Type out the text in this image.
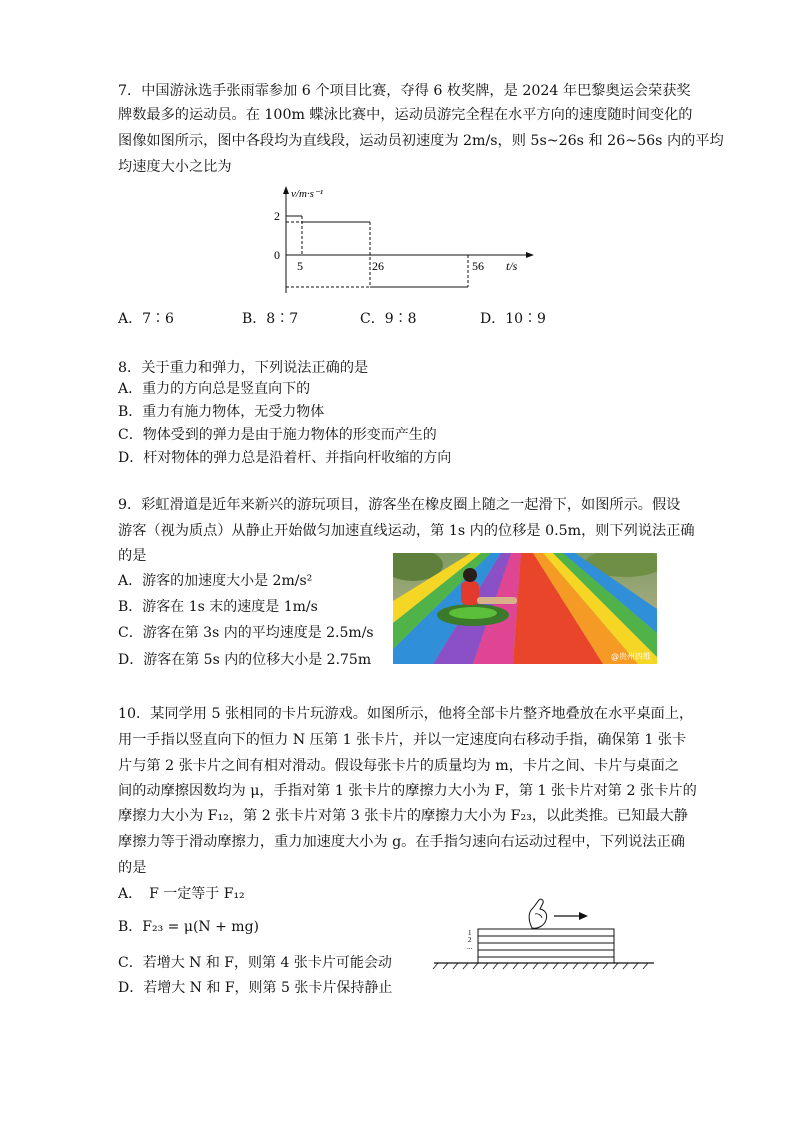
7．中国游泳选手张雨霏参加 6 个项目比赛，夺得 6 枚奖牌，是 2024 年巴黎奥运会荣获奖
牌数最多的运动员。在 100m 蝶泳比赛中，运动员游完全程在水平方向的速度随时间变化的
图像如图所示，图中各段均为直线段，运动员初速度为 2m/s，则 5s~26s 和 26~56s 内的平均
均速度大小之比为
v/m·s⁻¹
2
0
5	26	56 t/s
A．7∶6	B．8∶7	C．9∶8	D．10∶9
8．关于重力和弹力，下列说法正确的是
A．重力的方向总是竖直向下的
B．重力有施力物体，无受力物体
C．物体受到的弹力是由于施力物体的形变而产生的
D．杆对物体的弹力总是沿着杆、并指向杆收缩的方向
9．彩虹滑道是近年来新兴的游玩项目，游客坐在橡皮圈上随之一起滑下，如图所示。假设
游客（视为质点）从静止开始做匀加速直线运动，第 1s 内的位移是 0.5m，则下列说法正确
的是
A．游客的加速度大小是 2m/s²
B．游客在 1s 末的速度是 1m/s
C．游客在第 3s 内的平均速度是 2.5m/s
D．游客在第 5s 内的位移大小是 2.75m	@贵州四维
10．某同学用 5 张相同的卡片玩游戏。如图所示，他将全部卡片整齐地叠放在水平桌面上，
用一手指以竖直向下的恒力 N 压第 1 张卡片，并以一定速度向右移动手指，确保第 1 张卡
片与第 2 张卡片之间有相对滑动。假设每张卡片的质量均为 m，卡片之间、卡片与桌面之
间的动摩擦因数均为 μ，手指对第 1 张卡片的摩擦力大小为 F，第 1 张卡片对第 2 张卡片的
摩擦力大小为 F₁₂，第 2 张卡片对第 3 张卡片的摩擦力大小为 F₂₃，以此类推。已知最大静
摩擦力等于滑动摩擦力，重力加速度大小为 g。在手指匀速向右运动过程中，下列说法正确
的是
A．　F 一定等于 F₁₂
B．F₂₃ = μ(N + mg)
C．若增大 N 和 F，则第 4 张卡片可能会动
D．若增大 N 和 F，则第 5 张卡片保持静止
1
2
...
